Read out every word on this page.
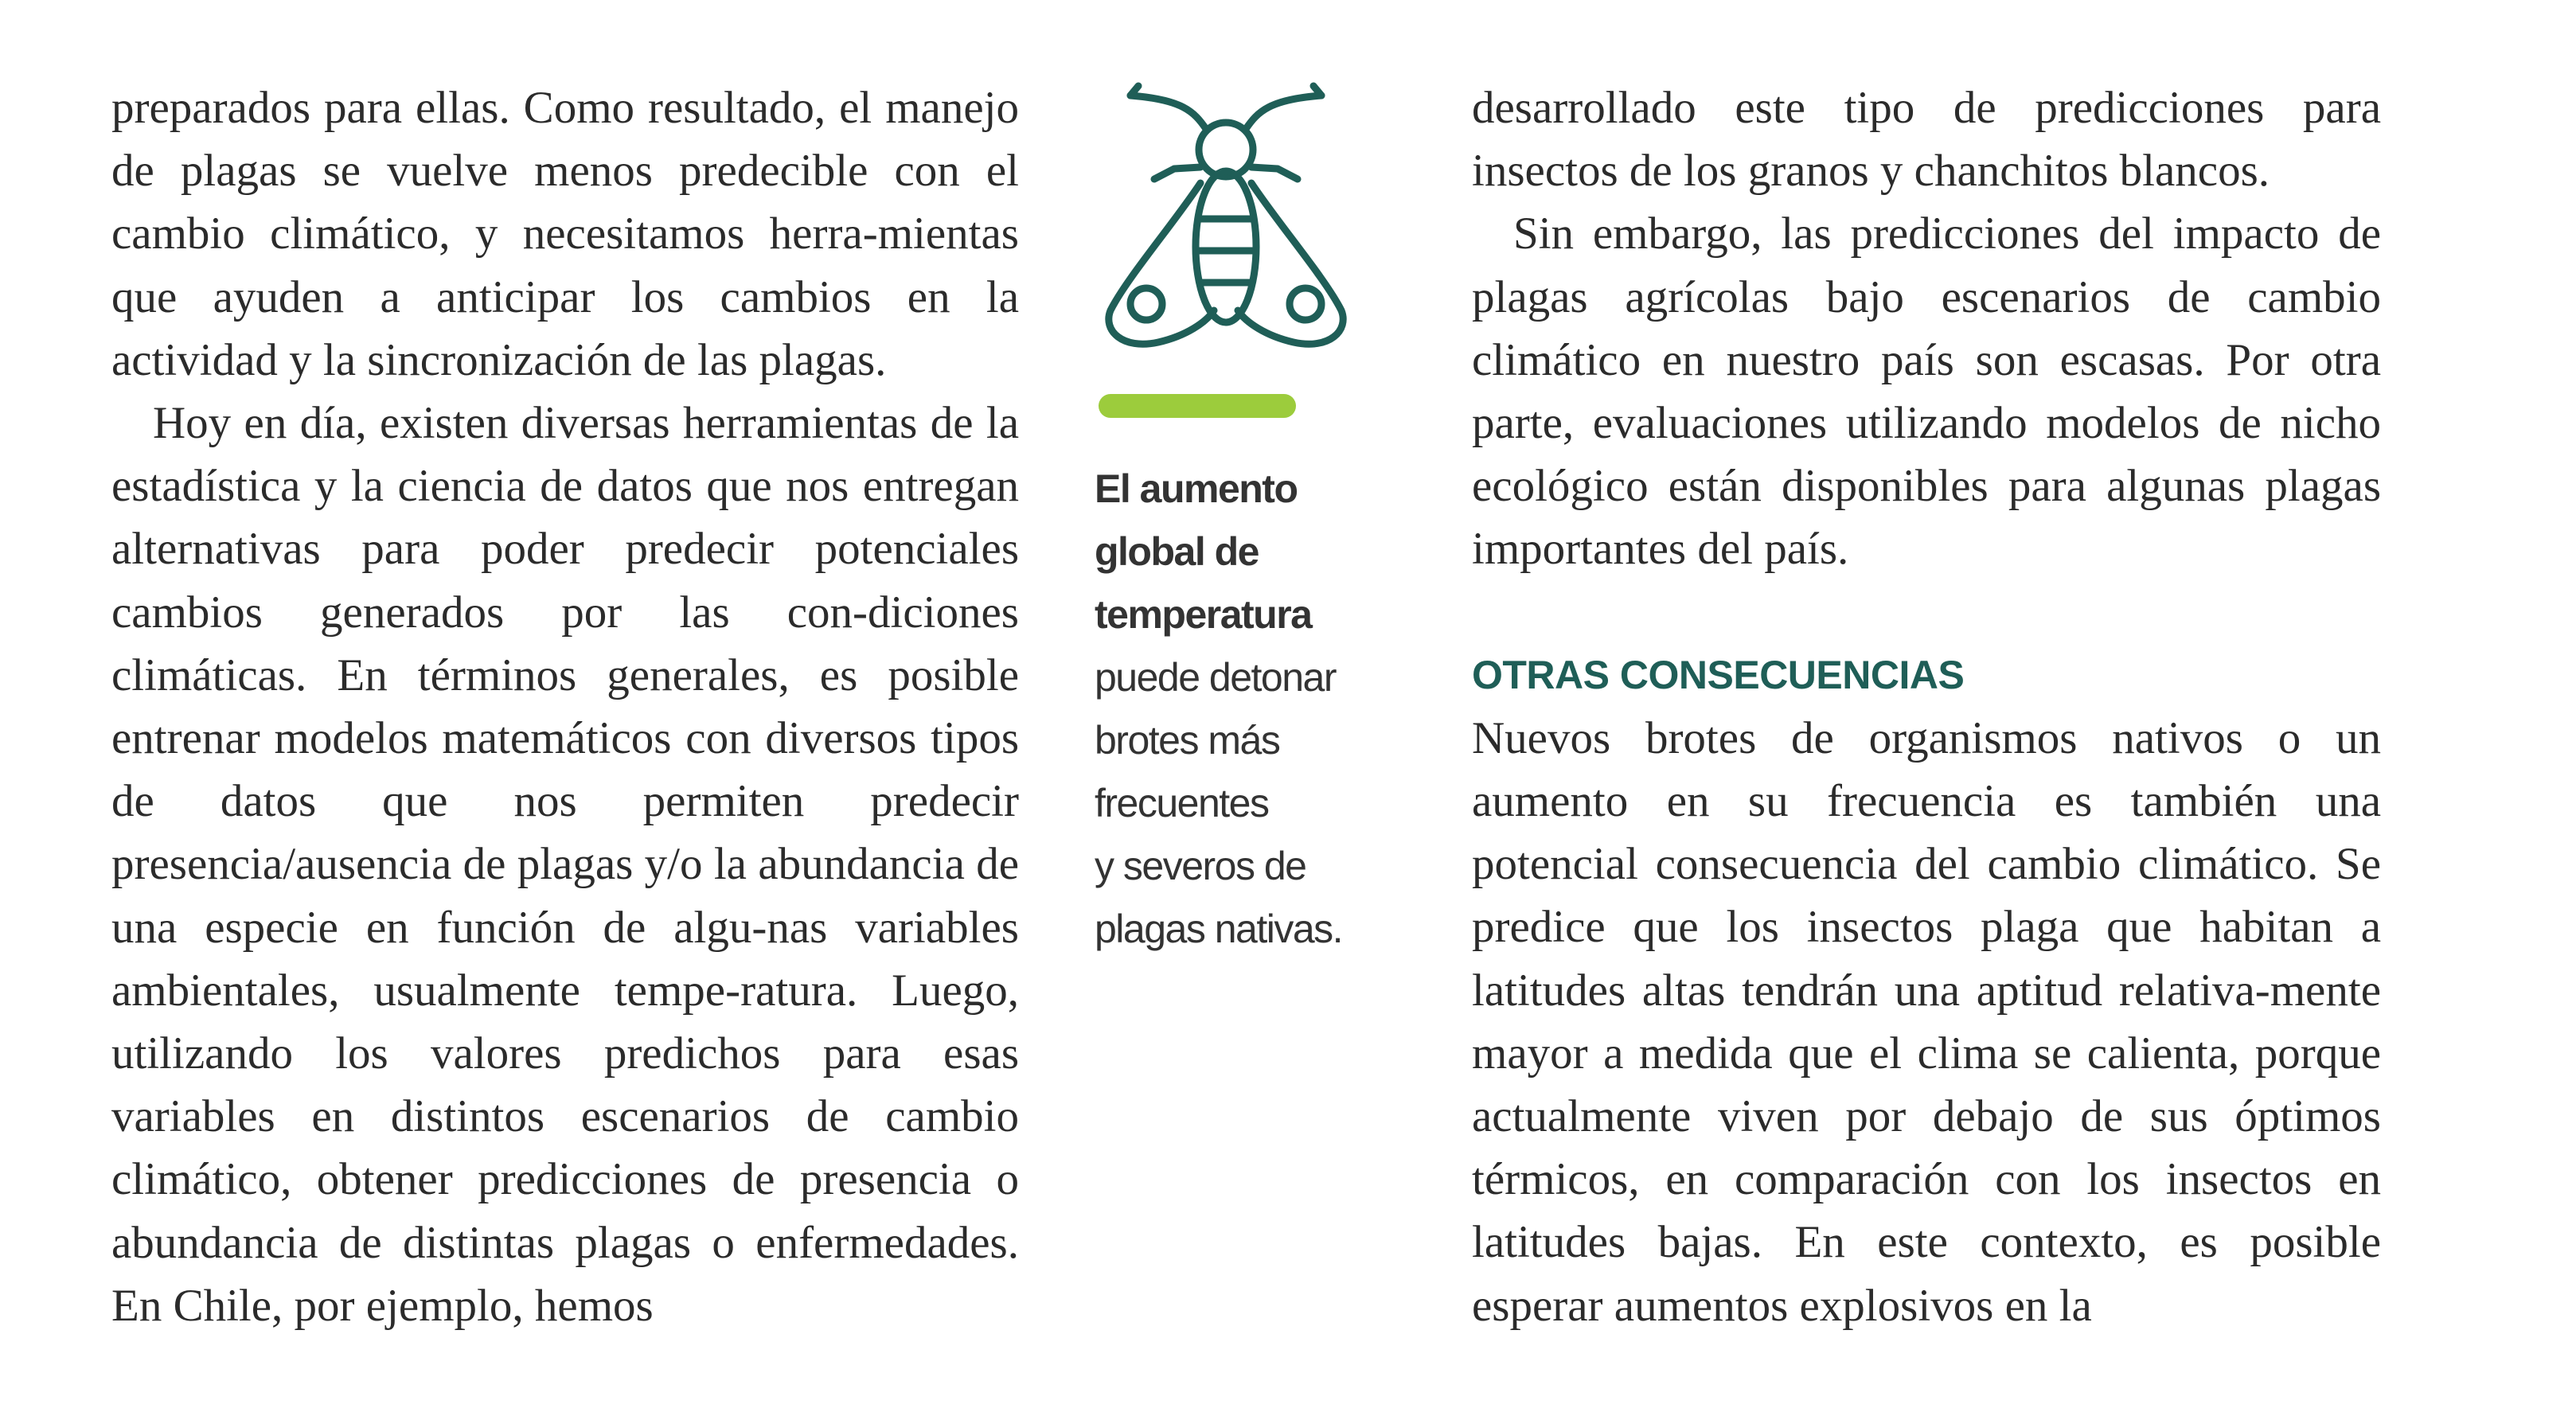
preparados para ellas. Como resultado, el manejo de plagas se vuelve menos predecible con el cambio climático, y necesitamos herra-mientas que ayuden a anticipar los cambios en la actividad y la sincronización de las plagas.

Hoy en día, existen diversas herramientas de la estadística y la ciencia de datos que nos entregan alternativas para poder predecir potenciales cambios generados por las con-diciones climáticas. En términos generales, es posible entrenar modelos matemáticos con diversos tipos de datos que nos permiten predecir presencia/ausencia de plagas y/o la abundancia de una especie en función de algu-nas variables ambientales, usualmente tempe-ratura. Luego, utilizando los valores predichos para esas variables en distintos escenarios de cambio climático, obtener predicciones de presencia o abundancia de distintas plagas o enfermedades. En Chile, por ejemplo, hemos

El aumento
global de
temperatura
puede detonar
brotes más
frecuentes
y severos de
plagas nativas.

desarrollado este tipo de predicciones para insectos de los granos y chanchitos blancos.

Sin embargo, las predicciones del impacto de plagas agrícolas bajo escenarios de cambio climático en nuestro país son escasas. Por otra parte, evaluaciones utilizando modelos de nicho ecológico están disponibles para algunas plagas importantes del país.

OTRAS CONSECUENCIAS

Nuevos brotes de organismos nativos o un aumento en su frecuencia es también una potencial consecuencia del cambio climático. Se predice que los insectos plaga que habitan a latitudes altas tendrán una aptitud relativa-mente mayor a medida que el clima se calienta, porque actualmente viven por debajo de sus óptimos térmicos, en comparación con los insectos en latitudes bajas. En este contexto, es posible esperar aumentos explosivos en la
